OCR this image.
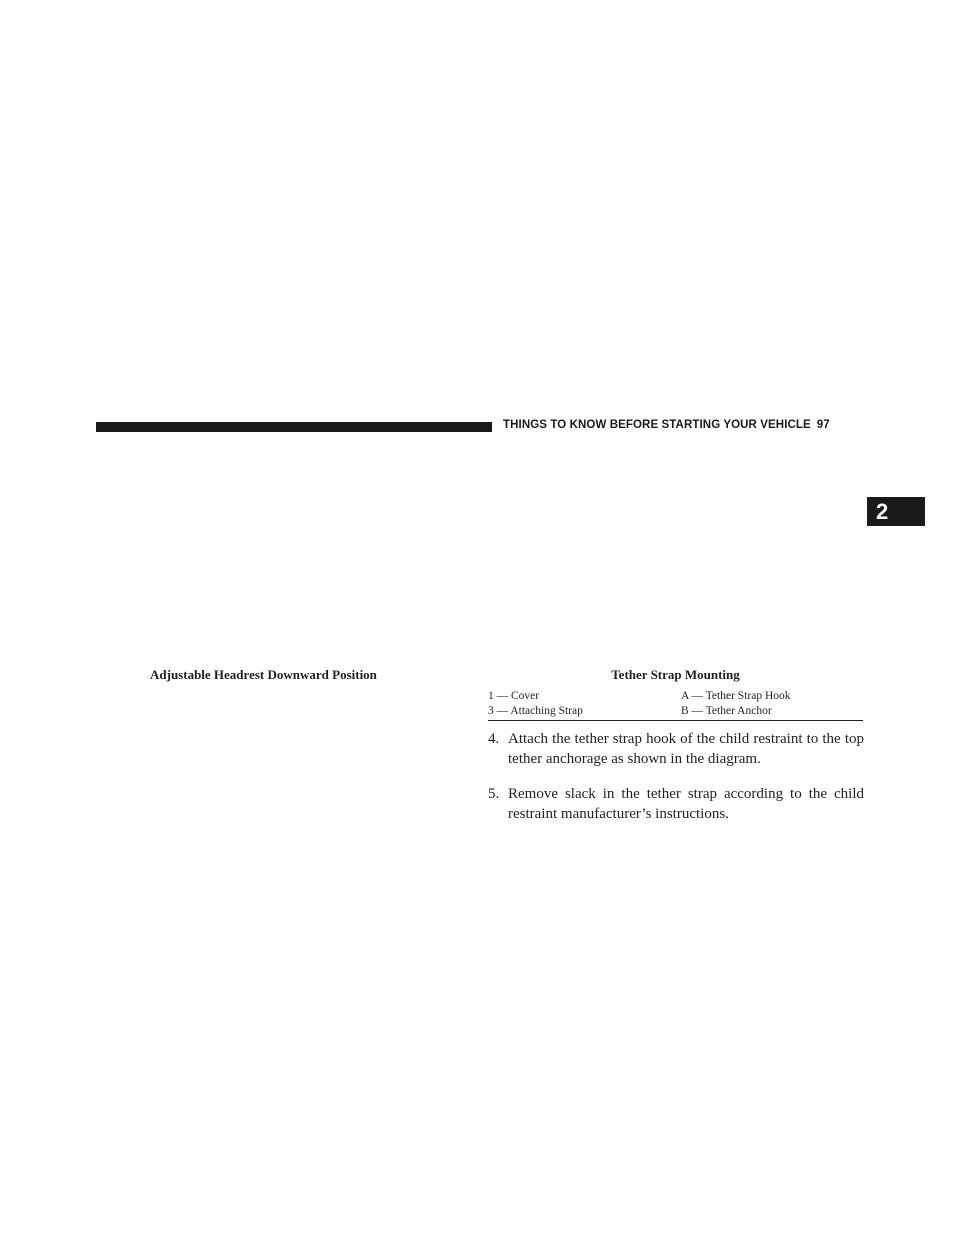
THINGS TO KNOW BEFORE STARTING YOUR VEHICLE 97
2
Adjustable Headrest Downward Position	Tether Strap Mounting
1 — Cover	A — Tether Strap Hook
3 — Attaching Strap	B — Tether Anchor

4. Attach the tether strap hook of the child restraint to the top tether anchorage as shown in the diagram.

5. Remove slack in the tether strap according to the child restraint manufacturer’s instructions.
